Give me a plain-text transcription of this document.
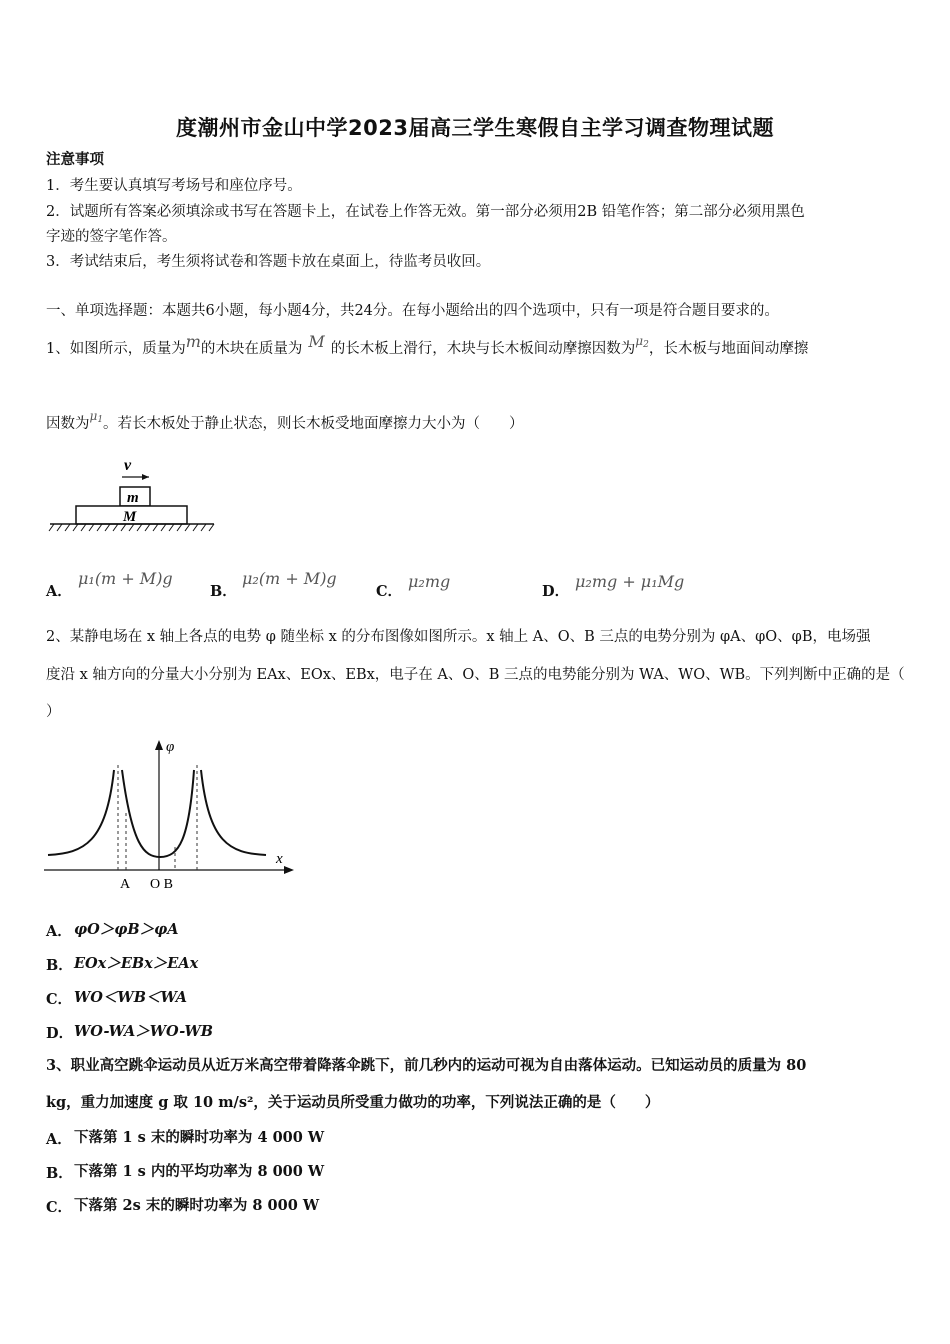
度潮州市金山中学2023届高三学生寒假自主学习调查物理试题
注意事项
1．考生要认真填写考场号和座位序号。
2．试题所有答案必须填涂或书写在答题卡上，在试卷上作答无效。第一部分必须用2B 铅笔作答；第二部分必须用黑色
字迹的签字笔作答。
3．考试结束后，考生须将试卷和答题卡放在桌面上，待监考员收回。
一、单项选择题：本题共6小题，每小题4分，共24分。在每小题给出的四个选项中，只有一项是符合题目要求的。
1、如图所示，质量为m的木块在质量为 M 的长木板上滑行，木块与长木板间动摩擦因数为$^{\mu_2}$，长木板与地面间动摩擦
因数为$^{\mu_1}$。若长木板处于静止状态，则长木板受地面摩擦力大小为（　　）
v
m
M
A．
μ₁(m + M)g
B．
μ₂(m + M)g
C．
μ₂mg
D．
μ₂mg + μ₁Mg
2、某静电场在 x 轴上各点的电势 φ 随坐标 x 的分布图像如图所示。x 轴上 A、O、B 三点的电势分别为 φA、φO、φB，电场强
度沿 x 轴方向的分量大小分别为 EAx、EOx、EBx，电子在 A、O、B 三点的电势能分别为 WA、WO、WB。下列判断中正确的是（
）
x
φ
A O B
A． φO＞φB＞φA
B． EOx＞EBx＞EAx
C． WO＜WB＜WA
D． WO-WA＞WO-WB
3、职业高空跳伞运动员从近万米高空带着降落伞跳下，前几秒内的运动可视为自由落体运动。已知运动员的质量为 80
kg，重力加速度 g 取 10 m/s²，关于运动员所受重力做功的功率，下列说法正确的是（　　）
A． 下落第 1 s 末的瞬时功率为 4 000 W
B． 下落第 1 s 内的平均功率为 8 000 W
C． 下落第 2s 末的瞬时功率为 8 000 W
